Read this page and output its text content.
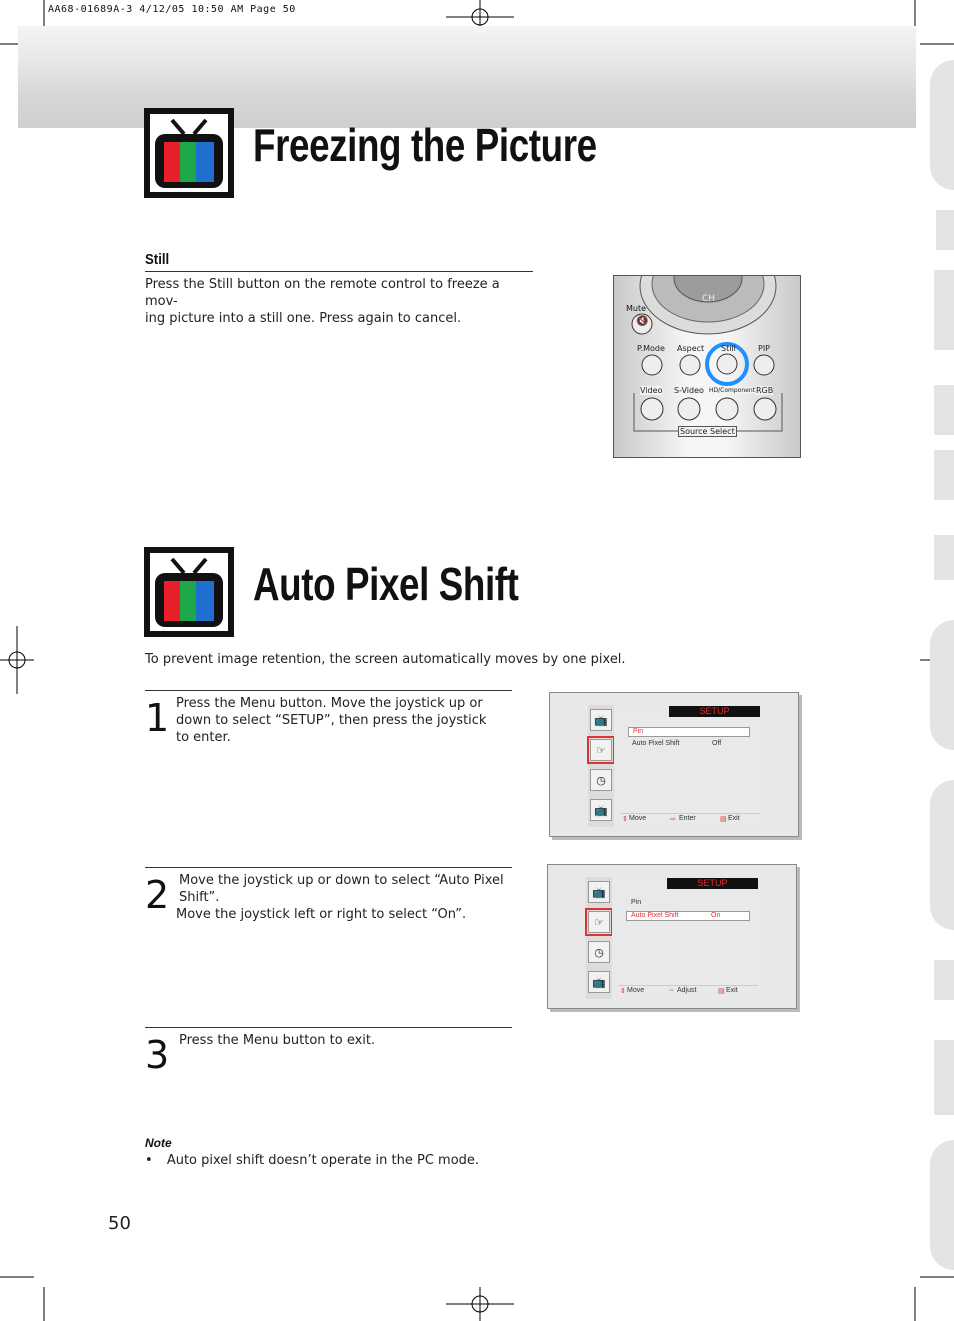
AA68-01689A-3 4/12/05 10:50 AM Page 50
Freezing the Picture
Still
Press the Still button on the remote control to freeze a mov-
ing picture into a still one. Press again to cancel.
CH
Mute
🔇
P.Mode Aspect Still	PIP
Video S-Video HD/Component RGB
Source Select
Auto Pixel Shift
To prevent image retention, the screen automatically moves by one pixel.
1 Press the Menu button. Move the joystick up or
down to select “SETUP”, then press the joystick
to enter.
📺
☞
◷
📺
SETUP
Pin
Auto Pixel Shift	Off
⇕ Move	⇨ Enter	▤ Exit
2 Move the joystick up or down to select “Auto Pixel
Shift”.
Move the joystick left or right to select “On”.
📺
☞
◷
📺
SETUP
Pin
Auto Pixel Shift	On
⇕ Move	⇔ Adjust	▤ Exit
3 Press the Menu button to exit.
Note
• Auto pixel shift doesn’t operate in the PC mode.
50
